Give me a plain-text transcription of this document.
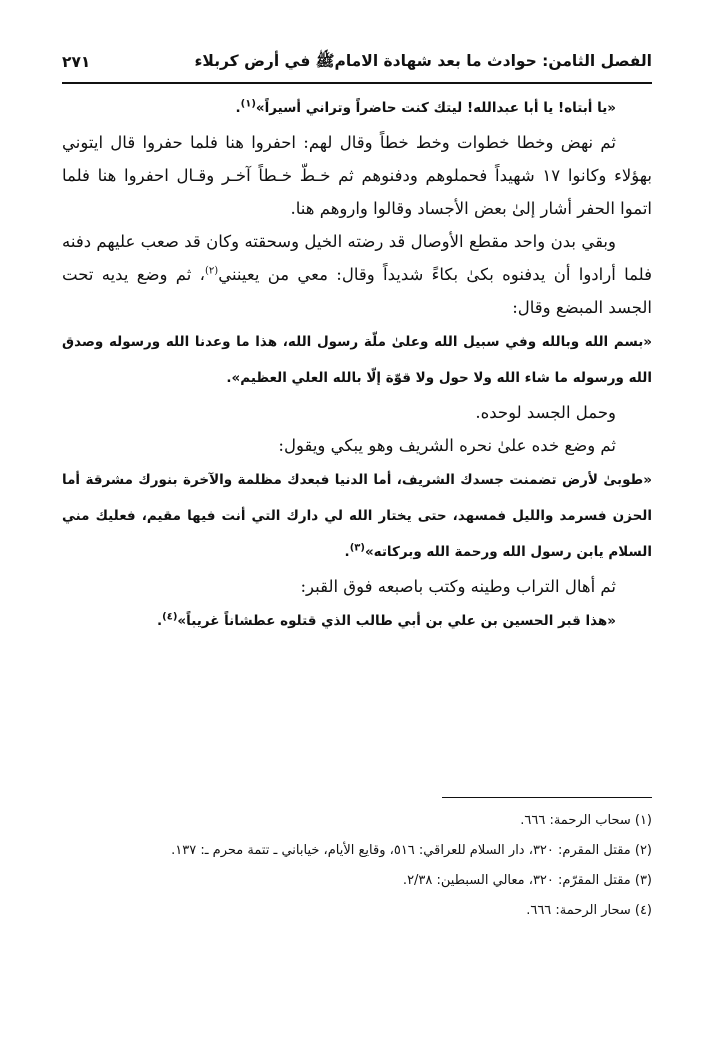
الفصل الثامن: حوادث ما بعد شهادة الامامﷺ في أرض كربلاء
٢٧١

«يا أبتاه! يا أبا عبدالله! ليتك كنت حاضراً وتراني أسيراً»$^{(١)}$.

ثم نهض وخطا خطوات وخط خطاً وقال لهم: احفروا هنا فلما حفروا قال ايتوني بهؤلاء وكانوا ١٧ شهيداً فحملوهم ودفنوهم ثم خـطّ خـطاً آخـر وقـال احفروا هنا فلما اتموا الحفر أشار إلىٰ بعض الأجساد وقالوا واروهم هنا.

وبقي بدن واحد مقطع الأوصال قد رضته الخيل وسحقته وكان قد صعب عليهم دفنه فلما أرادوا أن يدفنوه بكىٰ بكاءً شديداً وقال: معي من يعينني$^{(٢)}$، ثم وضع يديه تحت الجسد المبضع وقال:

«بسم الله وبالله وفي سبيل الله وعلىٰ ملّة رسول الله، هذا ما وعدنا الله ورسوله وصدق الله ورسوله ما شاء الله ولا حول ولا قوّة إلّا بالله العلي العظيم».

وحمل الجسد لوحده.

ثم وضع خده علىٰ نحره الشريف وهو يبكي ويقول:

«طوبىٰ لأرض تضمنت جسدك الشريف، أما الدنيا فبعدك مظلمة والآخرة بنورك مشرقة أما الحزن فسرمد والليل فمسهد، حتى يختار الله لي دارك التي أنت فيها مقيم، فعليك مني السلام يابن رسول الله ورحمة الله وبركاته»$^{(٣)}$.

ثم أهال التراب وطينه وكتب باصبعه فوق القبر:

«هذا قبر الحسين بن علي بن أبي طالب الذي قتلوه عطشاناً غريباً»$^{(٤)}$.

(١) سحاب الرحمة: ٦٦٦.

(٢) مقتل المقرم: ٣٢٠، دار السلام للعراقي: ٥١٦، وقايع الأيام، خياباني ـ تتمة محرم ـ: ١٣٧.

(٣) مقتل المقرّم: ٣٢٠، معالي السبطين: ٢/٣٨.

(٤) سحار الرحمة: ٦٦٦.
